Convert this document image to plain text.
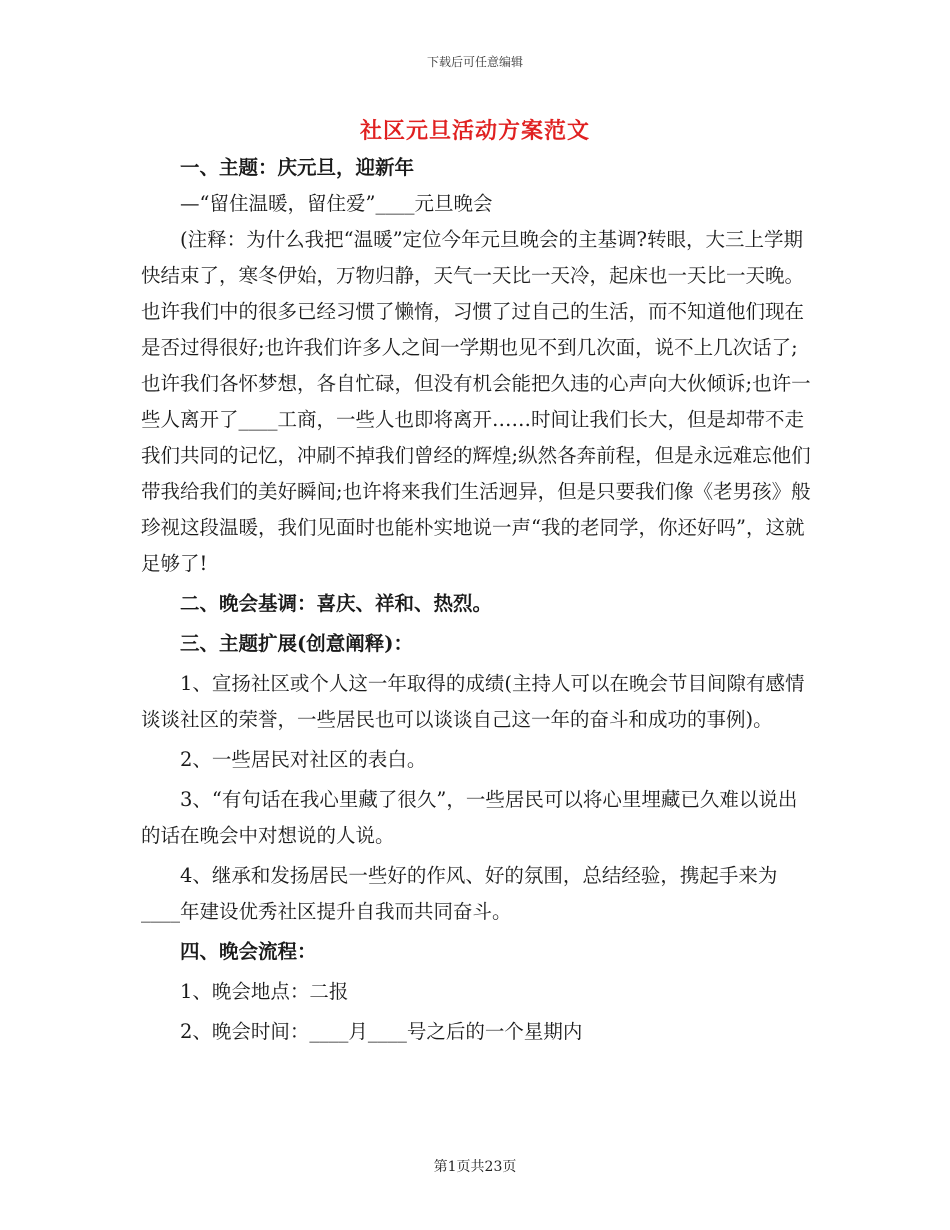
下载后可任意编辑
社区元旦活动方案范文

一、主题：庆元旦，迎新年

—“留住温暖，留住爱”____元旦晚会

(注释：为什么我把“温暖”定位今年元旦晚会的主基调?转眼，大三上学期快结束了，寒冬伊始，万物归静，天气一天比一天冷，起床也一天比一天晚。也许我们中的很多已经习惯了懒惰，习惯了过自己的生活，而不知道他们现在是否过得很好;也许我们许多人之间一学期也见不到几次面，说不上几次话了;也许我们各怀梦想，各自忙碌，但没有机会能把久违的心声向大伙倾诉;也许一些人离开了____工商，一些人也即将离开……时间让我们长大，但是却带不走我们共同的记忆，冲刷不掉我们曾经的辉煌;纵然各奔前程，但是永远难忘他们带我给我们的美好瞬间;也许将来我们生活迥异，但是只要我们像《老男孩》般珍视这段温暖，我们见面时也能朴实地说一声“我的老同学，你还好吗”，这就足够了!

二、晚会基调：喜庆、祥和、热烈。

三、主题扩展(创意阐释)：

1、宣扬社区或个人这一年取得的成绩(主持人可以在晚会节目间隙有感情谈谈社区的荣誉，一些居民也可以谈谈自己这一年的奋斗和成功的事例)。

2、一些居民对社区的表白。

3、“有句话在我心里藏了很久”，一些居民可以将心里埋藏已久难以说出的话在晚会中对想说的人说。

4、继承和发扬居民一些好的作风、好的氛围，总结经验，携起手来为____年建设优秀社区提升自我而共同奋斗。

四、晚会流程：

1、晚会地点：二报

2、晚会时间：____月____号之后的一个星期内

第1页共23页
